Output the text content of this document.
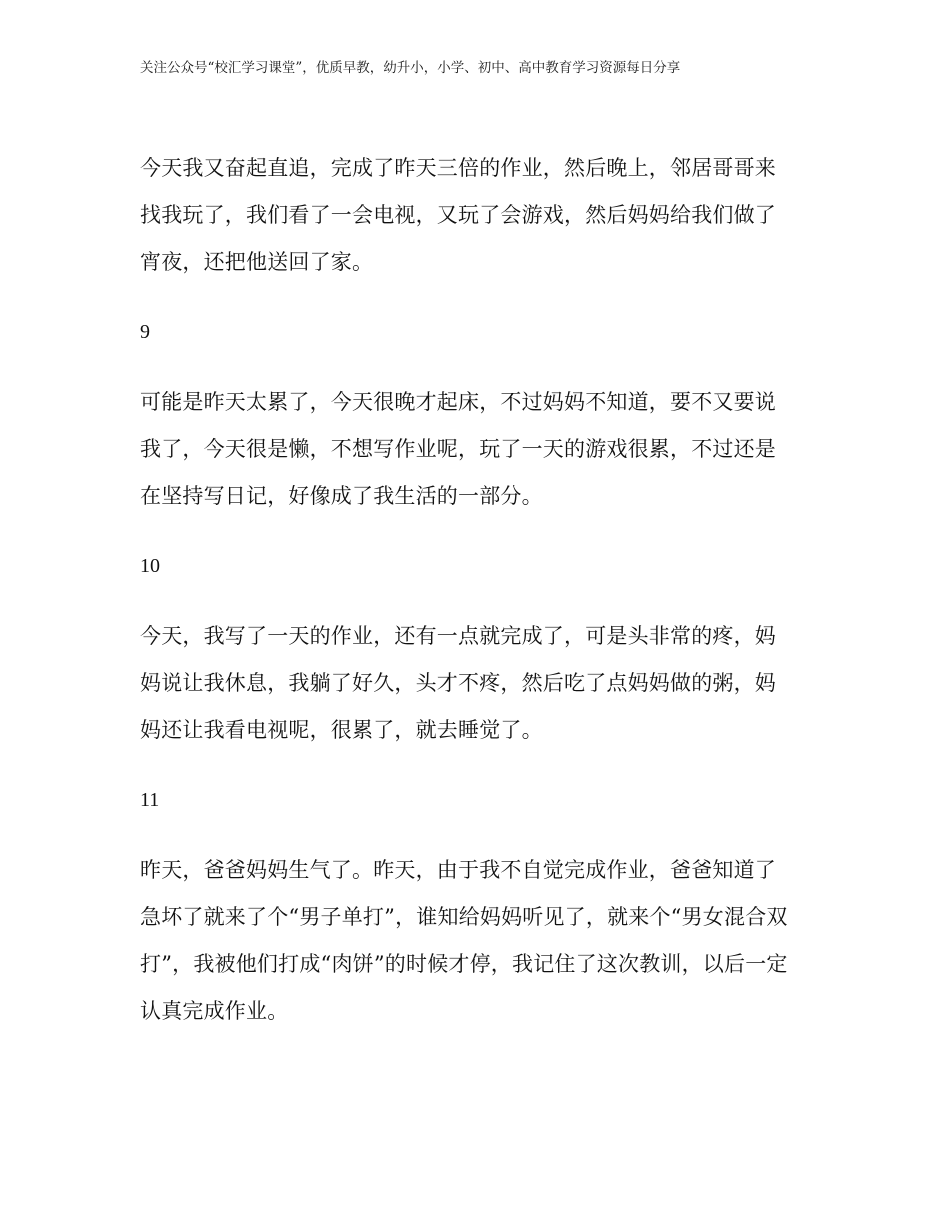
关注公众号“校汇学习课堂”，优质早教，幼升小，小学、初中、高中教育学习资源每日分享

今天我又奋起直追，完成了昨天三倍的作业，然后晚上，邻居哥哥来找我玩了，我们看了一会电视，又玩了会游戏，然后妈妈给我们做了宵夜，还把他送回了家。

9

可能是昨天太累了，今天很晚才起床，不过妈妈不知道，要不又要说我了，今天很是懒，不想写作业呢，玩了一天的游戏很累，不过还是在坚持写日记，好像成了我生活的一部分。

10

今天，我写了一天的作业，还有一点就完成了，可是头非常的疼，妈妈说让我休息，我躺了好久，头才不疼，然后吃了点妈妈做的粥，妈妈还让我看电视呢，很累了，就去睡觉了。

11

昨天，爸爸妈妈生气了。昨天，由于我不自觉完成作业，爸爸知道了急坏了就来了个“男子单打”，谁知给妈妈听见了，就来个“男女混合双打”，我被他们打成“肉饼”的时候才停，我记住了这次教训，以后一定认真完成作业。
